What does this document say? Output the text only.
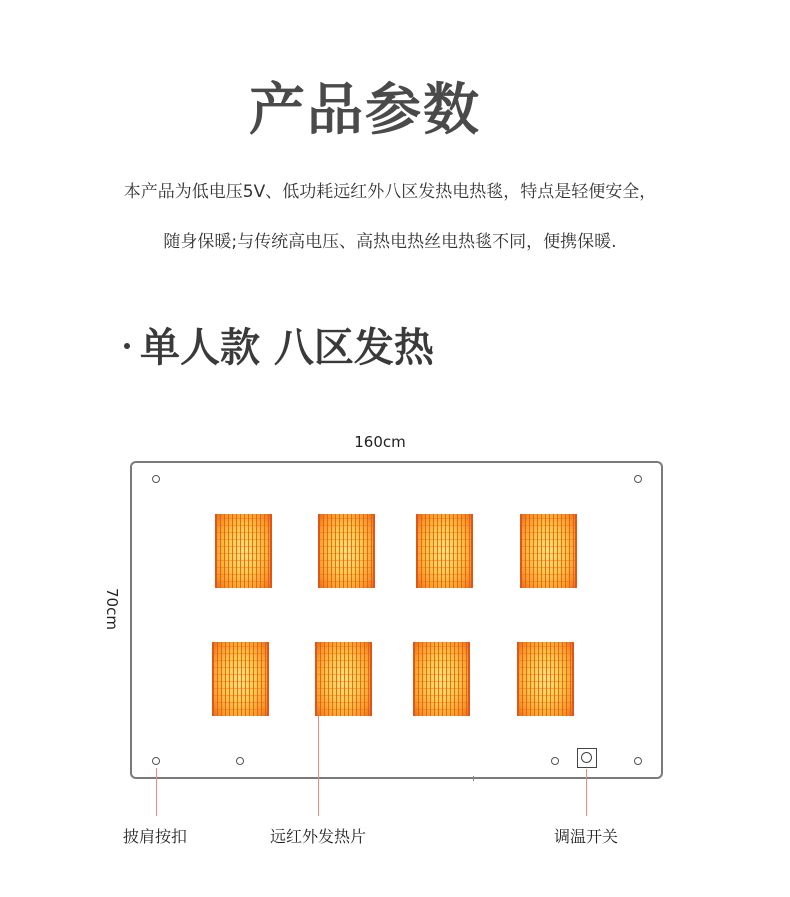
产品参数
本产品为低电压5V、低功耗远红外八区发热电热毯，特点是轻便安全，
随身保暖;与传统高电压、高热电热丝电热毯不同，便携保暖.
单人款 八区发热
160cm
70cm
披肩按扣	远红外发热片	调温开关
